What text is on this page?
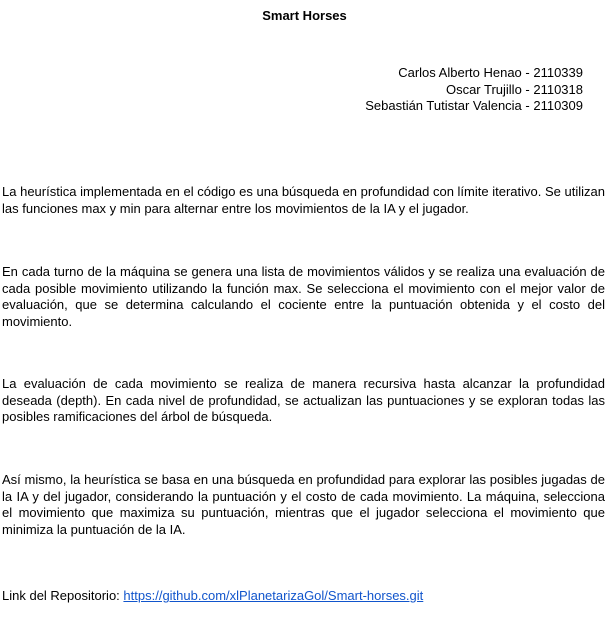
Smart Horses
Carlos Alberto Henao - 2110339
Oscar Trujillo - 2110318
Sebastián Tutistar Valencia - 2110309
La heurística implementada en el código es una búsqueda en profundidad con límite iterativo. Se utilizan las funciones max y min para alternar entre los movimientos de la IA y el jugador.
En cada turno de la máquina se genera una lista de movimientos válidos y se realiza una evaluación de cada posible movimiento utilizando la función max. Se selecciona el movimiento con el mejor valor de evaluación, que se determina calculando el cociente entre la puntuación obtenida y el costo del movimiento.
La evaluación de cada movimiento se realiza de manera recursiva hasta alcanzar la profundidad deseada (depth). En cada nivel de profundidad, se actualizan las puntuaciones y se exploran todas las posibles ramificaciones del árbol de búsqueda.
Así mismo, la heurística se basa en una búsqueda en profundidad para explorar las posibles jugadas de la IA y del jugador, considerando la puntuación y el costo de cada movimiento. La máquina, selecciona el movimiento que maximiza su puntuación, mientras que el jugador selecciona el movimiento que minimiza la puntuación de la IA.
Link del Repositorio: https://github.com/xlPlanetarizaGol/Smart-horses.git
